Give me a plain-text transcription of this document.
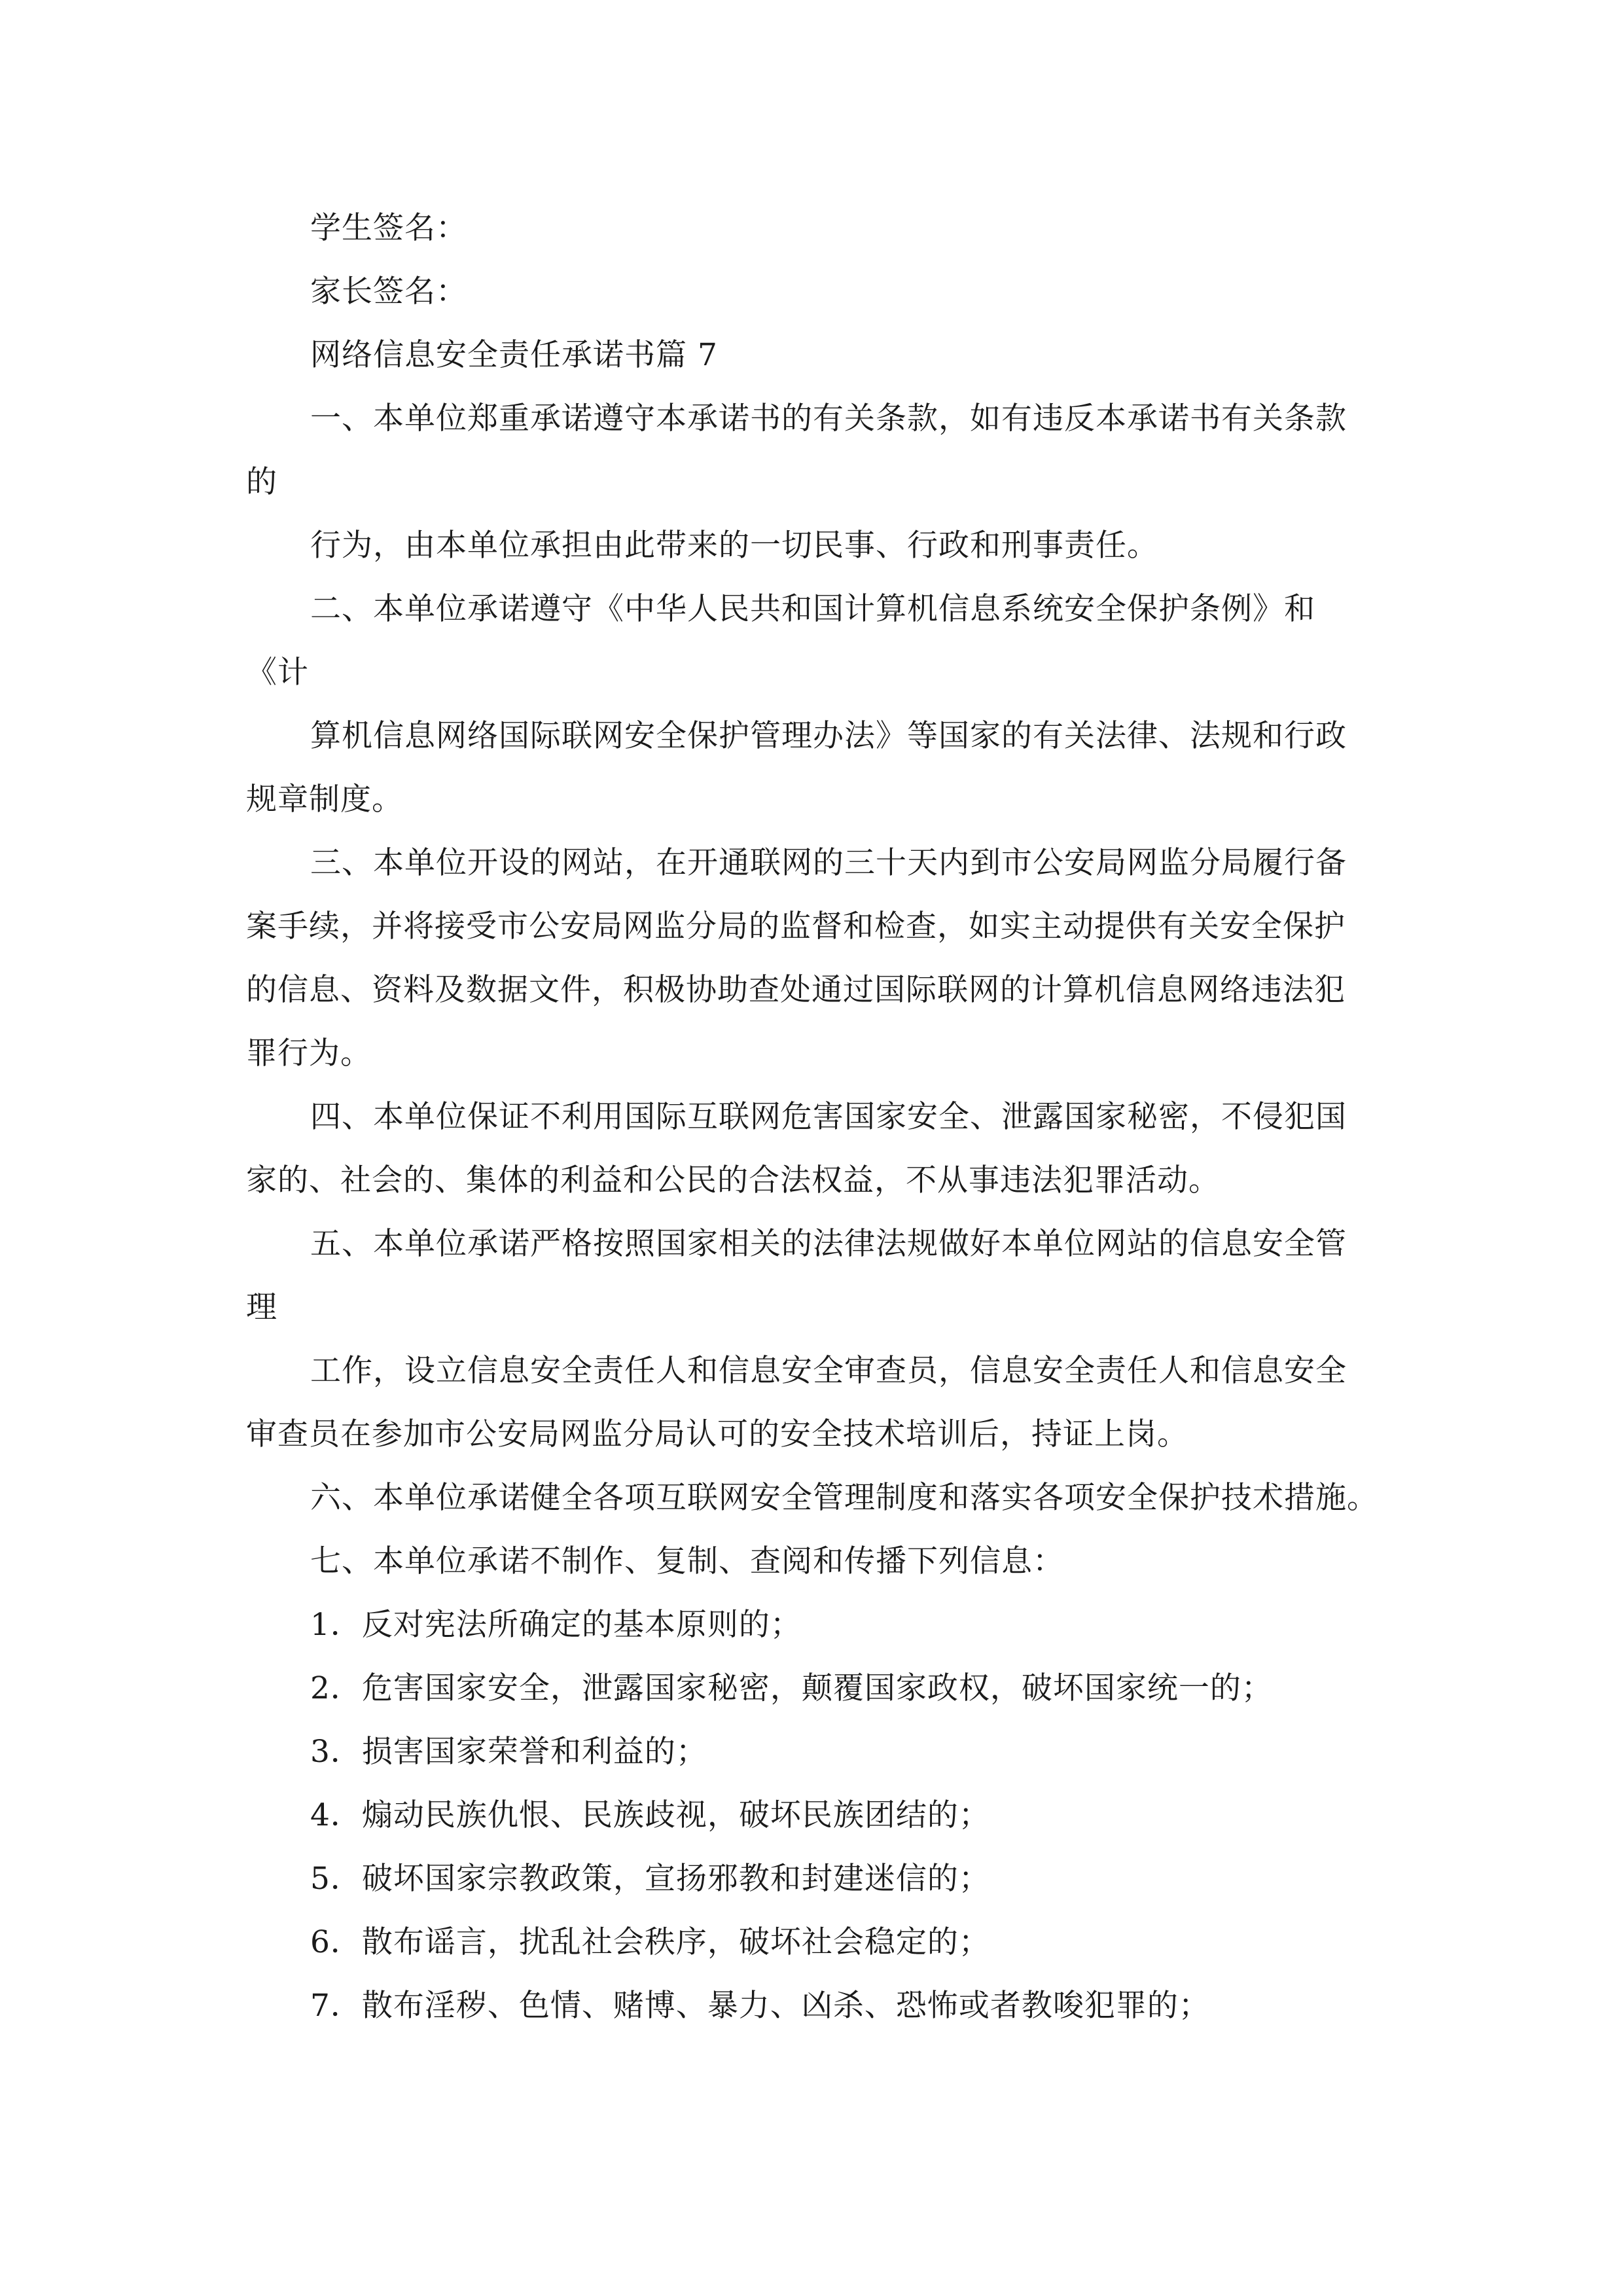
学生签名：

家长签名：

网络信息安全责任承诺书篇 7

一、本单位郑重承诺遵守本承诺书的有关条款，如有违反本承诺书有关条款

的

行为，由本单位承担由此带来的一切民事、行政和刑事责任。

二、本单位承诺遵守《中华人民共和国计算机信息系统安全保护条例》和

《计

算机信息网络国际联网安全保护管理办法》等国家的有关法律、法规和行政

规章制度。

三、本单位开设的网站，在开通联网的三十天内到市公安局网监分局履行备

案手续，并将接受市公安局网监分局的监督和检查，如实主动提供有关安全保护

的信息、资料及数据文件，积极协助查处通过国际联网的计算机信息网络违法犯

罪行为。

四、本单位保证不利用国际互联网危害国家安全、泄露国家秘密，不侵犯国

家的、社会的、集体的利益和公民的合法权益，不从事违法犯罪活动。

五、本单位承诺严格按照国家相关的法律法规做好本单位网站的信息安全管

理

工作，设立信息安全责任人和信息安全审查员，信息安全责任人和信息安全

审查员在参加市公安局网监分局认可的安全技术培训后，持证上岗。

六、本单位承诺健全各项互联网安全管理制度和落实各项安全保护技术措施。

七、本单位承诺不制作、复制、查阅和传播下列信息：

1．反对宪法所确定的基本原则的；

2．危害国家安全，泄露国家秘密，颠覆国家政权，破坏国家统一的；

3．损害国家荣誉和利益的；

4．煽动民族仇恨、民族歧视，破坏民族团结的；

5．破坏国家宗教政策，宣扬邪教和封建迷信的；

6．散布谣言，扰乱社会秩序，破坏社会稳定的；

7．散布淫秽、色情、赌博、暴力、凶杀、恐怖或者教唆犯罪的；
